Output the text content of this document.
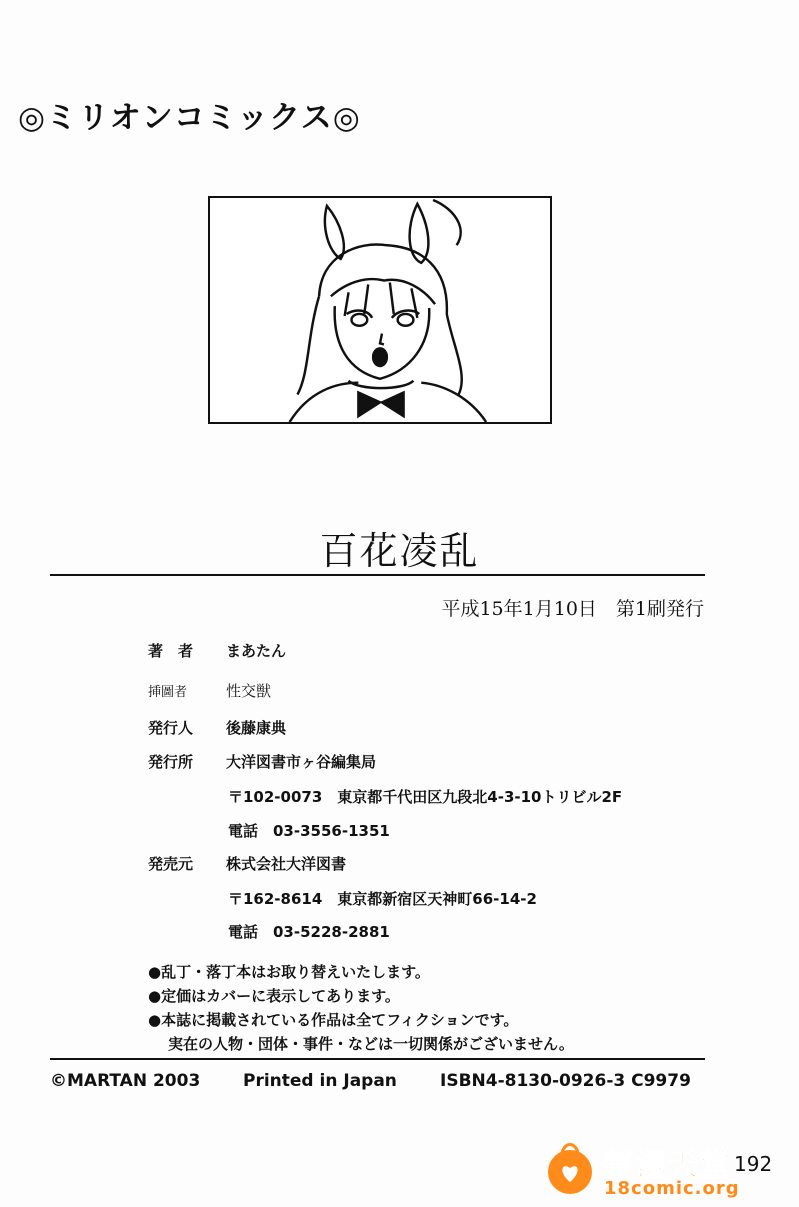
◎ミリオンコミックス◎
百花凌乱
平成15年1月10日　第1刷発行
著　者 まあたん
挿圖者	性交獣
発行人 後藤康典
発行所 大洋図書市ヶ谷編集局
〒102-0073　東京都千代田区九段北4-3-10トリビル2F
電話　03-3556-1351
発売元 株式会社大洋図書
〒162-8614　東京都新宿区天神町66-14-2
電話　03-5228-2881
●乱丁・落丁本はお取り替えいたします。
●定価はカバーに表示してあります。
●本誌に掲載されている作品は全てフィクションです。
実在の人物・団体・事件・などは一切関係がございません。
©MARTAN 2003	Printed in Japan	ISBN4-8130-0926-3 C9979
禁漫天堂
18comic.org
192
